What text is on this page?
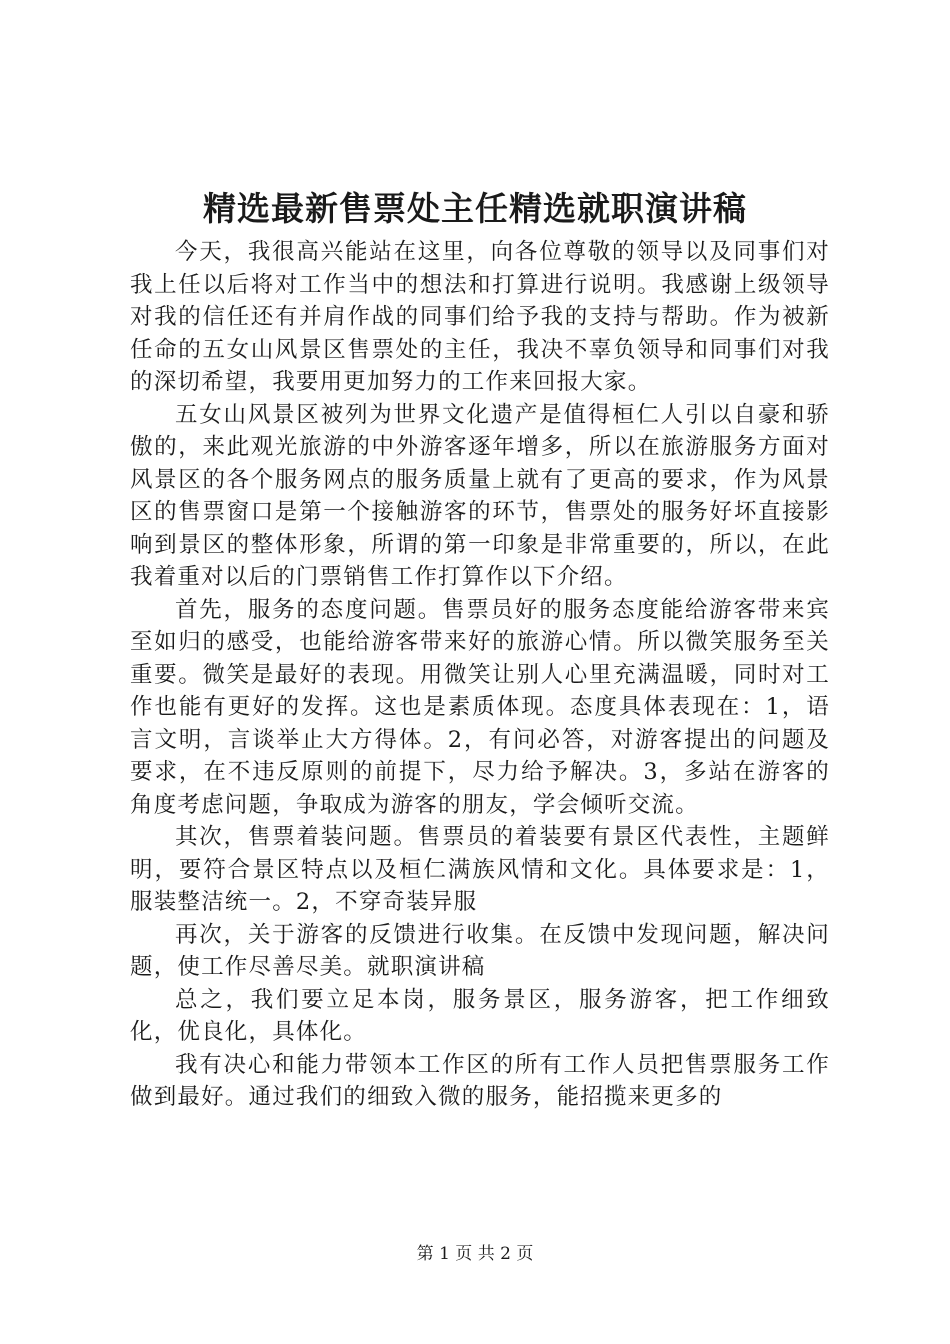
精选最新售票处主任精选就职演讲稿

今天，我很高兴能站在这里，向各位尊敬的领导以及同事们对我上任以后将对工作当中的想法和打算进行说明。我感谢上级领导对我的信任还有并肩作战的同事们给予我的支持与帮助。作为被新任命的五女山风景区售票处的主任，我决不辜负领导和同事们对我的深切希望，我要用更加努力的工作来回报大家。

五女山风景区被列为世界文化遗产是值得桓仁人引以自豪和骄傲的，来此观光旅游的中外游客逐年增多，所以在旅游服务方面对风景区的各个服务网点的服务质量上就有了更高的要求，作为风景区的售票窗口是第一个接触游客的环节，售票处的服务好坏直接影响到景区的整体形象，所谓的第一印象是非常重要的，所以，在此我着重对以后的门票销售工作打算作以下介绍。

首先，服务的态度问题。售票员好的服务态度能给游客带来宾至如归的感受，也能给游客带来好的旅游心情。所以微笑服务至关重要。微笑是最好的表现。用微笑让别人心里充满温暖，同时对工作也能有更好的发挥。这也是素质体现。态度具体表现在：1，语言文明，言谈举止大方得体。2，有问必答，对游客提出的问题及要求，在不违反原则的前提下，尽力给予解决。3，多站在游客的角度考虑问题，争取成为游客的朋友，学会倾听交流。

其次，售票着装问题。售票员的着装要有景区代表性，主题鲜明，要符合景区特点以及桓仁满族风情和文化。具体要求是：1，服装整洁统一。2，不穿奇装异服

再次，关于游客的反馈进行收集。在反馈中发现问题，解决问题，使工作尽善尽美。就职演讲稿

总之，我们要立足本岗，服务景区，服务游客，把工作细致化，优良化，具体化。

我有决心和能力带领本工作区的所有工作人员把售票服务工作做到最好。通过我们的细致入微的服务，能招揽来更多的

第 1 页 共 2 页
